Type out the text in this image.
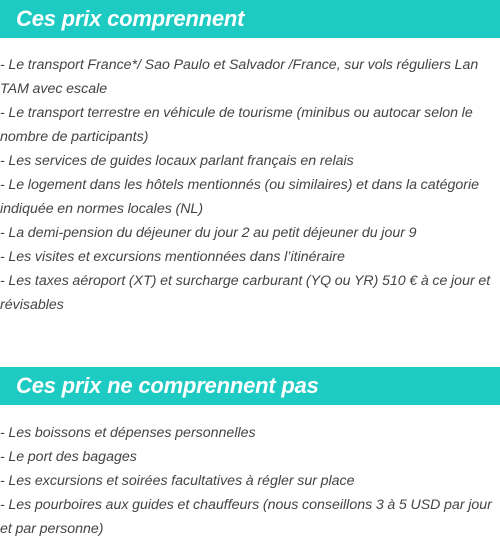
Ces prix comprennent
- Le transport France*/ Sao Paulo et Salvador /France, sur vols réguliers Lan TAM avec escale
- Le transport terrestre en véhicule de tourisme (minibus ou autocar selon le nombre de participants)
- Les services de guides locaux parlant français en relais
- Le logement dans les hôtels mentionnés (ou similaires) et dans la catégorie indiquée en normes locales (NL)
- La demi-pension du déjeuner du jour 2 au petit déjeuner du jour 9
- Les visites et excursions mentionnées dans l’itinéraire
- Les taxes aéroport (XT) et surcharge carburant (YQ ou YR) 510 € à ce jour et révisables
Ces prix ne comprennent pas
- Les boissons et dépenses personnelles
- Le port des bagages
- Les excursions et soirées facultatives à régler sur place
- Les pourboires aux guides et chauffeurs (nous conseillons 3 à 5 USD par jour et par personne)
